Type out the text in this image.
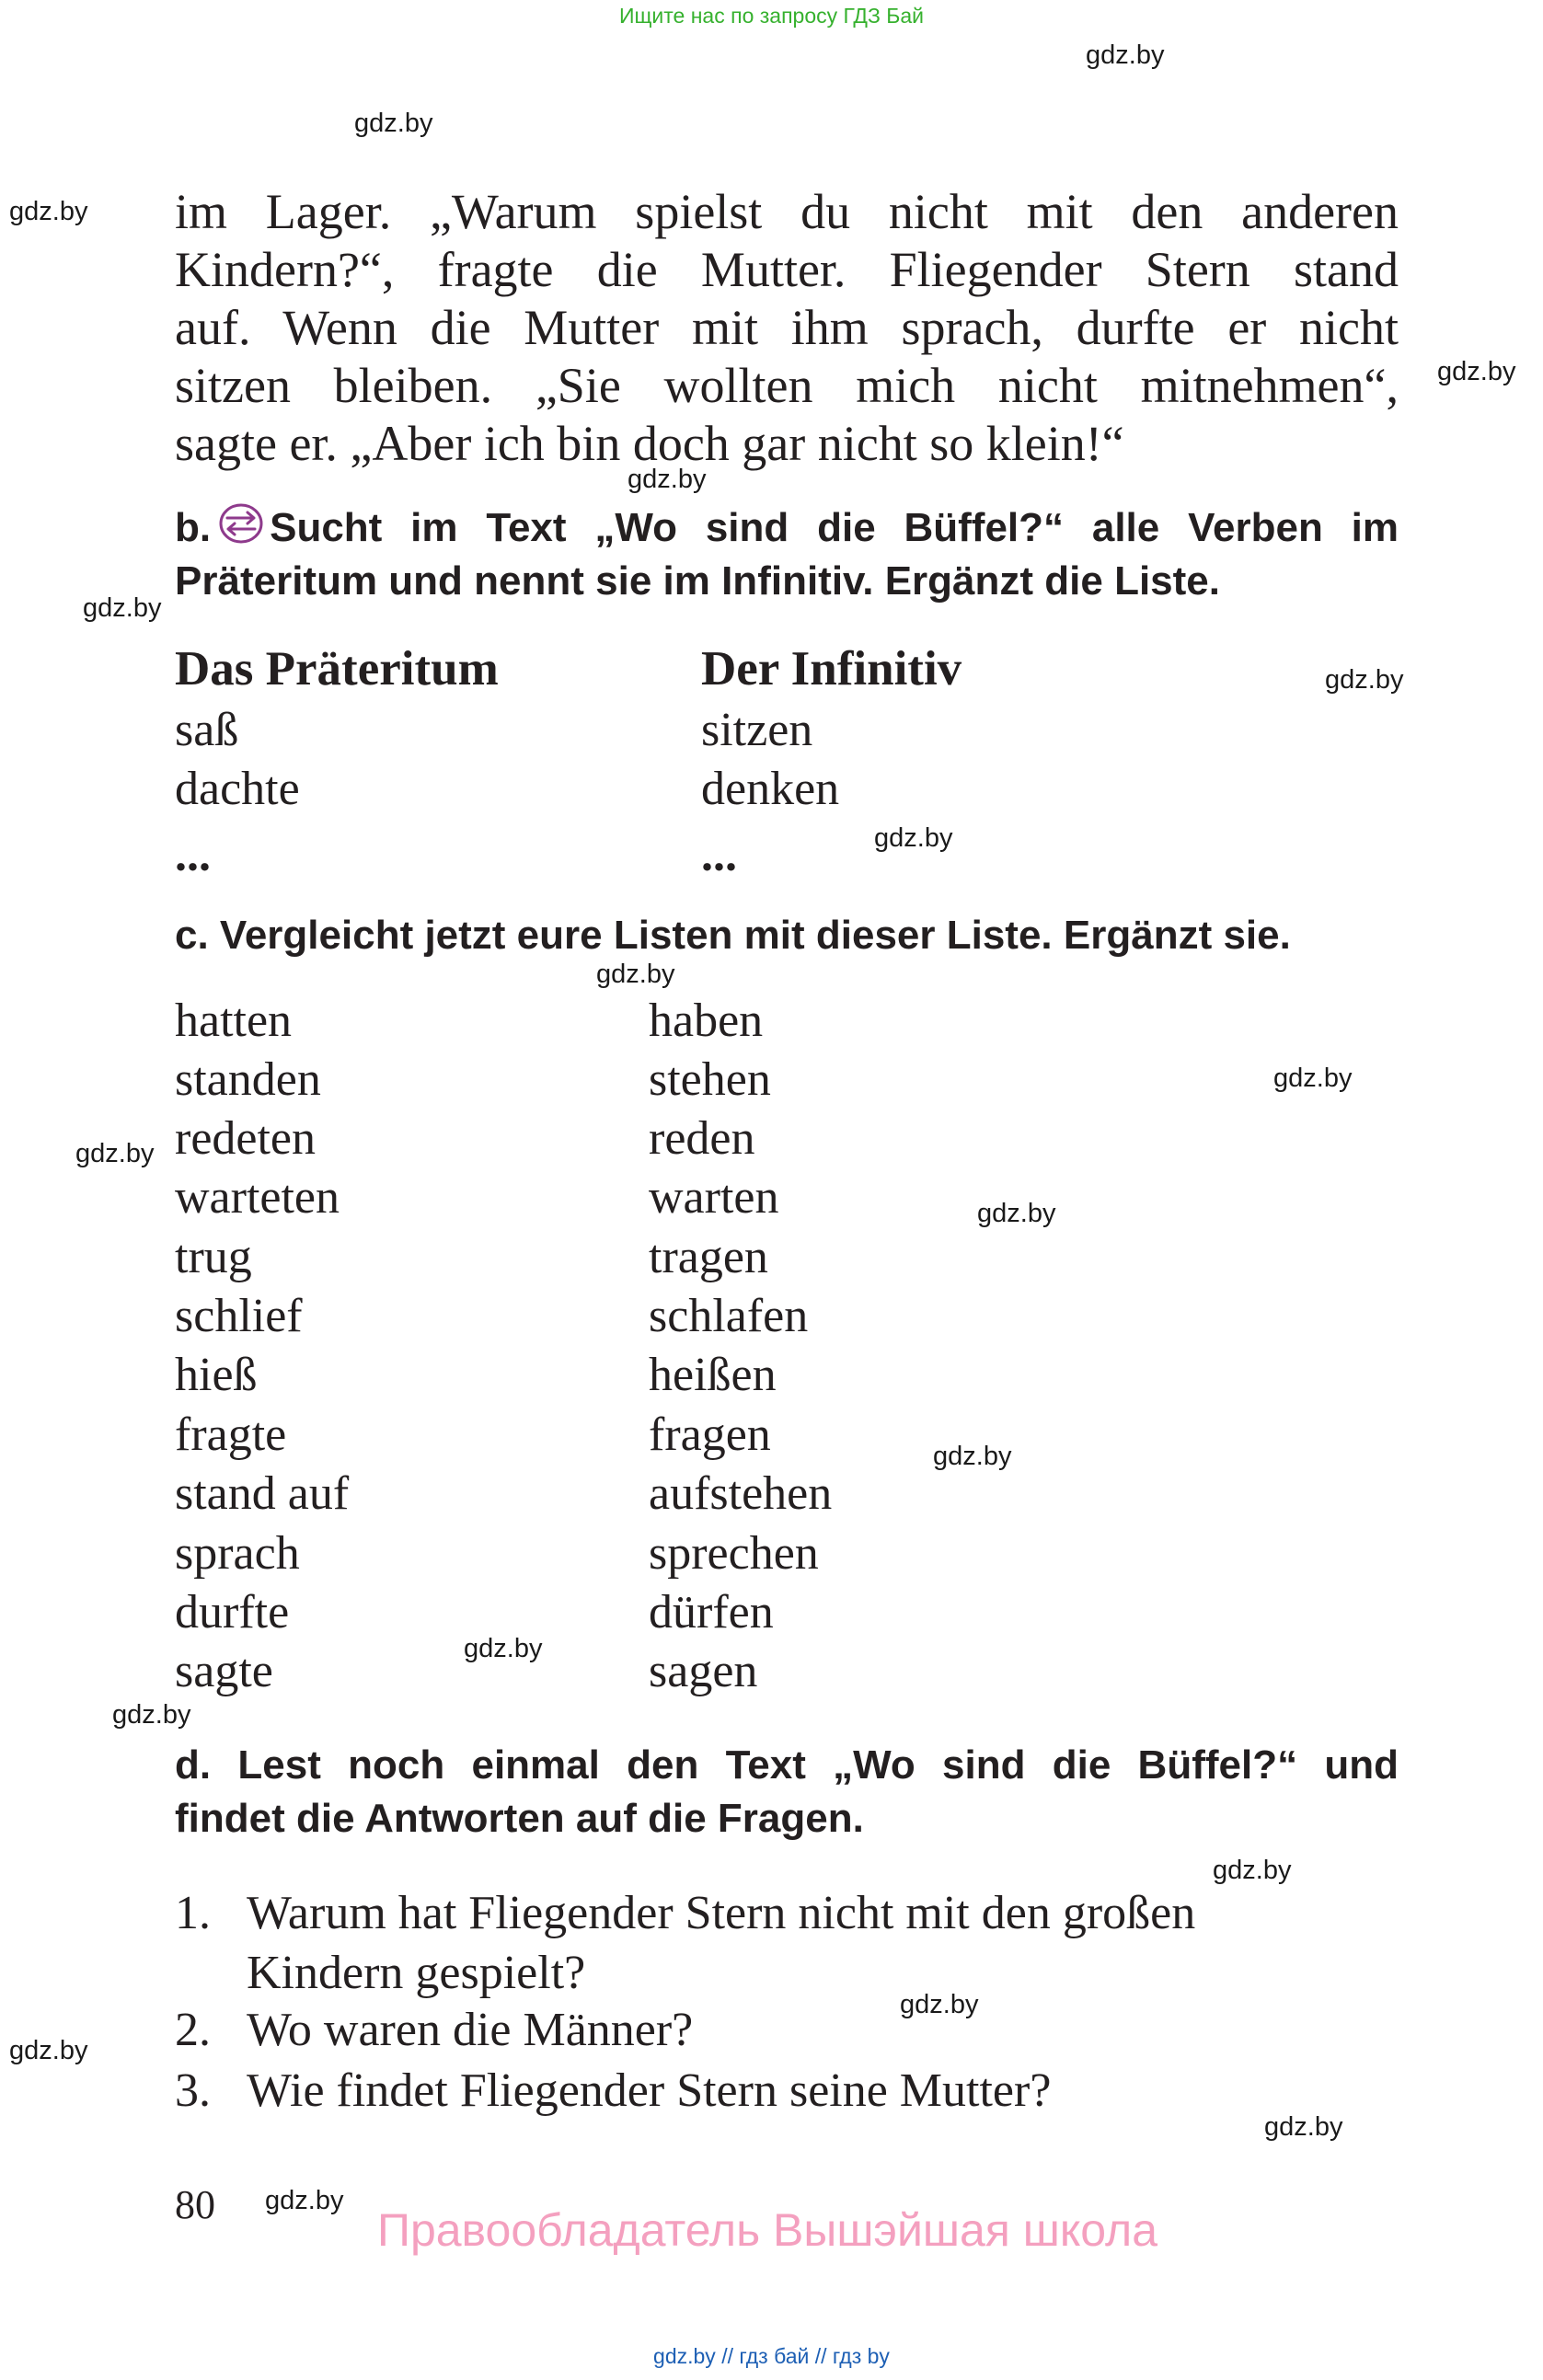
Ищите нас по запросу ГДЗ Бай
gdz.by
gdz.by
gdz.by
gdz.by
gdz.by
gdz.by
gdz.by
gdz.by
gdz.by
gdz.by
gdz.by
gdz.by
gdz.by
gdz.by
gdz.by
gdz.by
gdz.by
gdz.by
gdz.by
gdz.by

im Lager. „Warum spielst du nicht mit den anderen

Kindern?“, fragte die Mutter. Fliegender Stern stand

auf. Wenn die Mutter mit ihm sprach, durfte er nicht

sitzen bleiben. „Sie wollten mich nicht mitnehmen“,

sagte er. „Aber ich bin doch gar nicht so klein!“

b. Sucht im Text „Wo sind die Büffel?“ alle Verben im

Präteritum und nennt sie im Infinitiv. Ergänzt die Liste.

Das Präteritum	Der Infinitiv
saß	sitzen
dachte	denken
...	...

c. Vergleicht jetzt eure Listen mit dieser Liste. Ergänzt sie.

hatten	haben
standen	stehen
redeten	reden
warteten	warten
trug	tragen
schlief	schlafen
hieß	heißen
fragte	fragen
stand auf	aufstehen
sprach	sprechen
durfte	dürfen
sagte	sagen

d. Lest noch einmal den Text „Wo sind die Büffel?“ und

findet die Antworten auf die Fragen.

1. Warum hat Fliegender Stern nicht mit den großen
Kindern gespielt?
2. Wo waren die Männer?
3. Wie findet Fliegender Stern seine Mutter?
80	Правообладатель Вышэйшая школа
gdz.by // гдз бай // гдз by
